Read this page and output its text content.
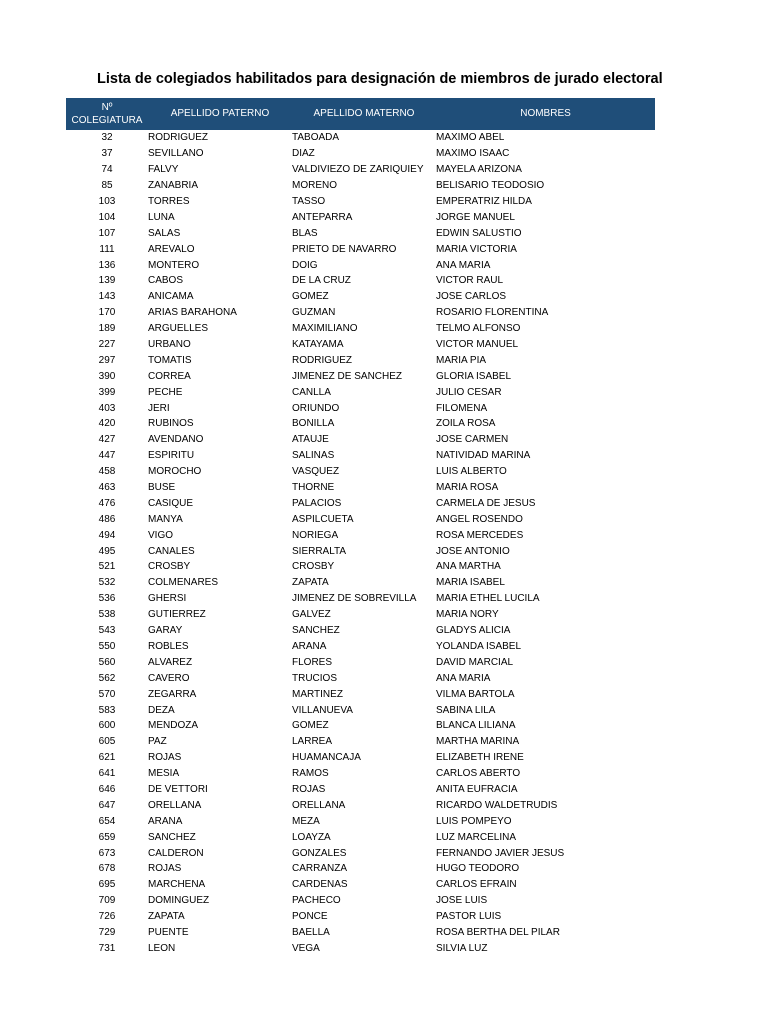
Lista de colegiados habilitados para designación de miembros de jurado electoral
Nº
COLEGIATURA
APELLIDO PATERNO	APELLIDO MATERNO	NOMBRES
32	RODRIGUEZ	TABOADA	MAXIMO ABEL
37	SEVILLANO	DIAZ	MAXIMO ISAAC
74	FALVY	VALDIVIEZO DE ZARIQUIEY	MAYELA ARIZONA
85	ZANABRIA	MORENO	BELISARIO TEODOSIO
103	TORRES	TASSO	EMPERATRIZ HILDA
104	LUNA	ANTEPARRA	JORGE MANUEL
107	SALAS	BLAS	EDWIN SALUSTIO
111	AREVALO	PRIETO DE NAVARRO	MARIA VICTORIA
136	MONTERO	DOIG	ANA MARIA
139	CABOS	DE LA CRUZ	VICTOR RAUL
143	ANICAMA	GOMEZ	JOSE CARLOS
170	ARIAS BARAHONA	GUZMAN	ROSARIO FLORENTINA
189	ARGUELLES	MAXIMILIANO	TELMO ALFONSO
227	URBANO	KATAYAMA	VICTOR MANUEL
297	TOMATIS	RODRIGUEZ	MARIA PIA
390	CORREA	JIMENEZ DE SANCHEZ	GLORIA ISABEL
399	PECHE	CANLLA	JULIO CESAR
403	JERI	ORIUNDO	FILOMENA
420	RUBIÑOS	BONILLA	ZOILA ROSA
427	AVENDAÑO	ATAUJE	JOSE CARMEN
447	ESPIRITU	SALINAS	NATIVIDAD MARINA
458	MOROCHO	VASQUEZ	LUIS ALBERTO
463	BUSE	THORNE	MARIA ROSA
476	CASIQUE	PALACIOS	CARMELA DE JESUS
486	MANYA	ASPILCUETA	ANGEL ROSENDO
494	VIGO	NORIEGA	ROSA MERCEDES
495	CANALES	SIERRALTA	JOSE ANTONIO
521	CROSBY	CROSBY	ANA MARTHA
532	COLMENARES	ZAPATA	MARIA ISABEL
536	GHERSI	JIMENEZ DE SOBREVILLA	MARIA ETHEL LUCILA
538	GUTIERREZ	GALVEZ	MARIA NORY
543	GARAY	SANCHEZ	GLADYS ALICIA
550	ROBLES	ARANA	YOLANDA ISABEL
560	ALVAREZ	FLORES	DAVID MARCIAL
562	CAVERO	TRUCIOS	ANA MARIA
570	ZEGARRA	MARTINEZ	VILMA BARTOLA
583	DEZA	VILLANUEVA	SABINA LILA
600	MENDOZA	GOMEZ	BLANCA LILIANA
605	PAZ	LARREA	MARTHA MARINA
621	ROJAS	HUAMANCAJA	ELIZABETH IRENE
641	MESIA	RAMOS	CARLOS ABERTO
646	DE VETTORI	ROJAS	ANITA EUFRACIA
647	ORELLANA	ORELLANA	RICARDO WALDETRUDIS
654	ARANA	MEZA	LUIS POMPEYO
659	SANCHEZ	LOAYZA	LUZ MARCELINA
673	CALDERON	GONZALES	FERNANDO JAVIER JESUS
678	ROJAS	CARRANZA	HUGO TEODORO
695	MARCHENA	CARDENAS	CARLOS EFRAIN
709	DOMINGUEZ	PACHECO	JOSE LUIS
726	ZAPATA	PONCE	PASTOR LUIS
729	PUENTE	BAELLA	ROSA BERTHA DEL PILAR
731	LEON	VEGA	SILVIA LUZ
